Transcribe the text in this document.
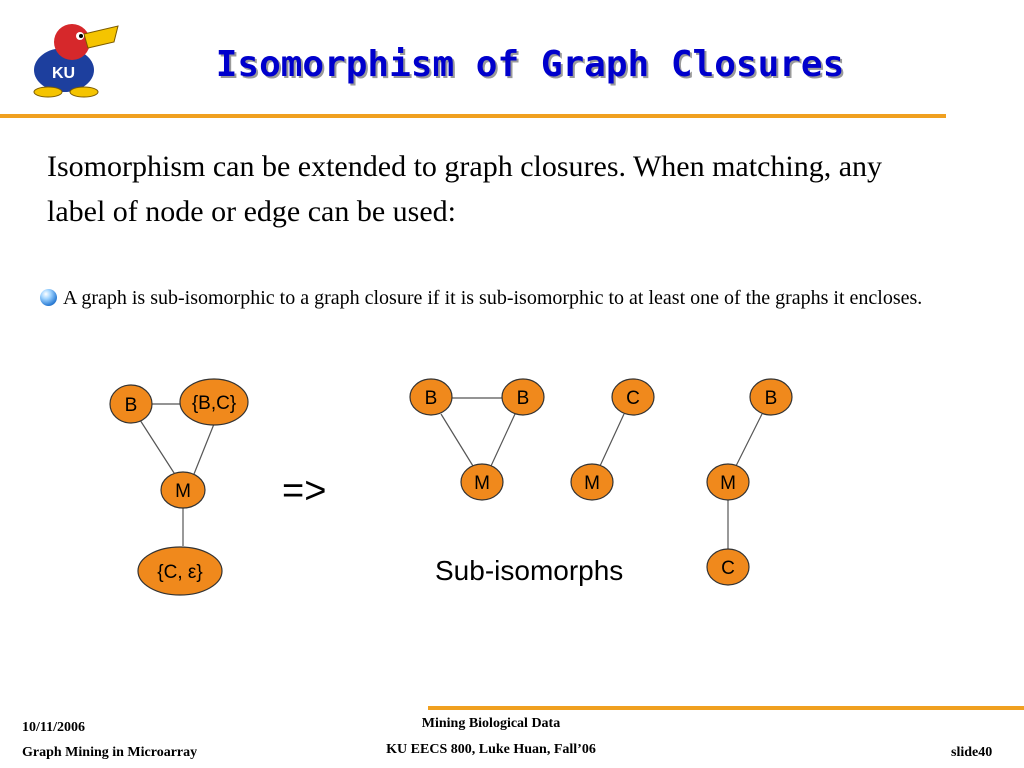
KU	Isomorphism of Graph Closures
Isomorphism can be extended to graph closures. When matching, any label of node or edge can be used:
A graph is sub-isomorphic to a graph closure if it is sub-isomorphic to at least one of the graphs it encloses.
B	{B,C}
M
{C, ε}
B	B
M
C
M
B
M
C
=>
Sub-isomorphs
10/11/2006
Graph Mining in Microarray
Mining Biological Data
KU EECS 800, Luke Huan, Fall’06	slide40
